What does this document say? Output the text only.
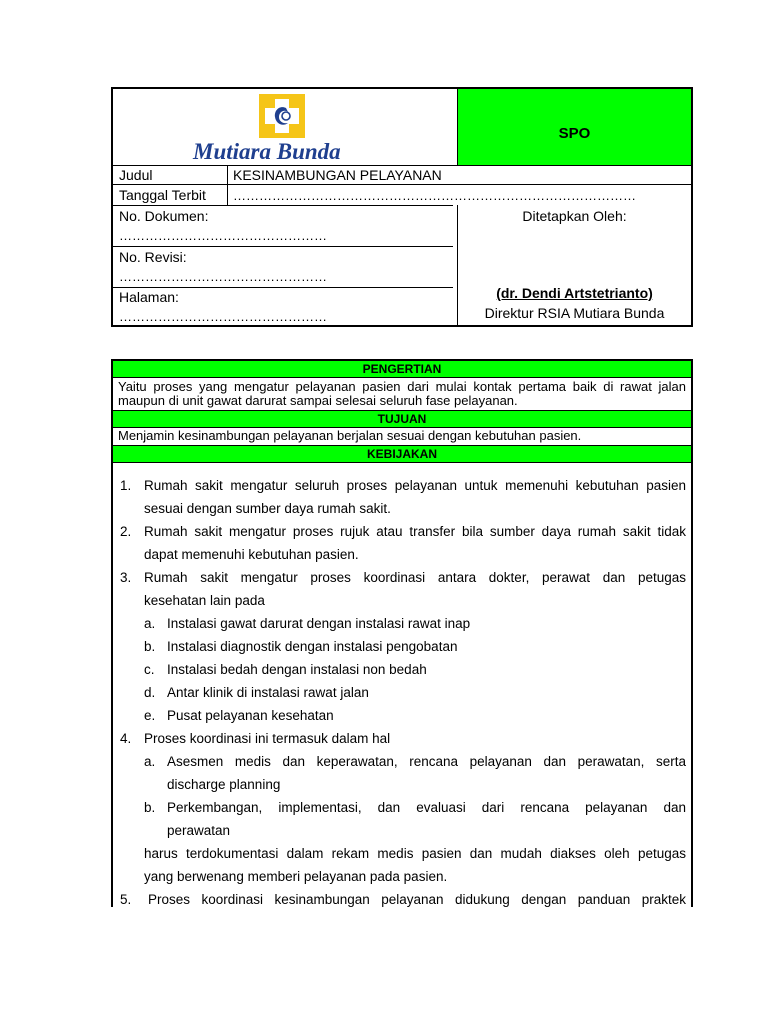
Mutiara Bunda
SPO
Judul	KESINAMBUNGAN PELAYANAN
Tanggal Terbit …………………………………………………………………………………
No. Dokumen:
…………………………………………
No. Revisi:
…………………………………………
Halaman:
…………………………………………
Ditetapkan Oleh:
(dr. Dendi Artstetrianto)
Direktur RSIA Mutiara Bunda
PENGERTIAN
Yaitu proses yang mengatur pelayanan pasien dari mulai kontak pertama baik di rawat jalan maupun di unit gawat darurat sampai selesai seluruh fase pelayanan.
TUJUAN
Menjamin kesinambungan pelayanan berjalan sesuai dengan kebutuhan pasien.
KEBIJAKAN
1. Rumah sakit mengatur seluruh proses pelayanan untuk memenuhi kebutuhan pasien
sesuai dengan sumber daya rumah sakit.
2. Rumah sakit mengatur proses rujuk atau transfer bila sumber daya rumah sakit tidak
dapat memenuhi kebutuhan pasien.
3. Rumah sakit mengatur proses koordinasi antara dokter, perawat dan petugas
kesehatan lain pada
a. Instalasi gawat darurat dengan instalasi rawat inap
b. Instalasi diagnostik dengan instalasi pengobatan
c. Instalasi bedah dengan instalasi non bedah
d. Antar klinik di instalasi rawat jalan
e. Pusat pelayanan kesehatan
4. Proses koordinasi ini termasuk dalam hal
a. Asesmen medis dan keperawatan, rencana pelayanan dan perawatan, serta
discharge planning
b. Perkembangan, implementasi, dan evaluasi dari rencana pelayanan dan
perawatan
harus terdokumentasi dalam rekam medis pasien dan mudah diakses oleh petugas
yang berwenang memberi pelayanan pada pasien.
5. Proses koordinasi kesinambungan pelayanan didukung dengan panduan praktek
